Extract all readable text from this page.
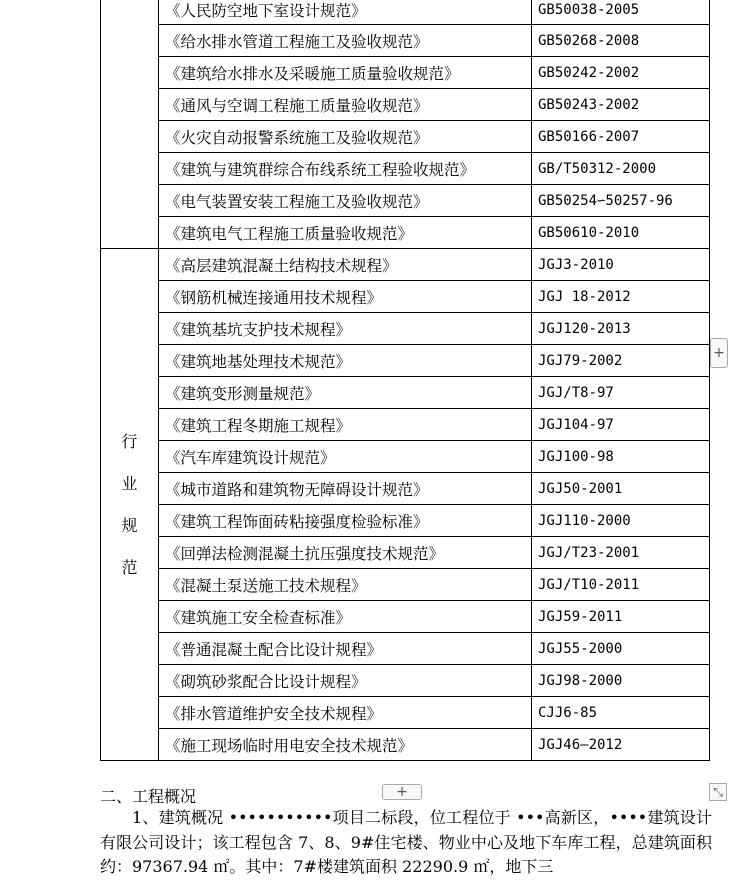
	《人民防空地下室设计规范》	GB50038-2005
	《给水排水管道工程施工及验收规范》	GB50268-2008
	《建筑给水排水及采暖施工质量验收规范》	GB50242-2002
	《通风与空调工程施工质量验收规范》	GB50243-2002
	《火灾自动报警系统施工及验收规范》	GB50166-2007
	《建筑与建筑群综合布线系统工程验收规范》	GB/T50312-2000
	《电气装置安装工程施工及验收规范》	GB50254∽50257-96
	《建筑电气工程施工质量验收规范》	GB50610-2010
行业规范	《高层建筑混凝土结构技术规程》	JGJ3-2010
	《钢筋机械连接通用技术规程》	JGJ 18-2012
	《建筑基坑支护技术规程》	JGJ120-2013
	《建筑地基处理技术规范》	JGJ79-2002
	《建筑变形测量规范》	JGJ/T8-97
	《建筑工程冬期施工规程》	JGJ104-97
	《汽车库建筑设计规范》	JGJ100-98
	《城市道路和建筑物无障碍设计规范》	JGJ50-2001
	《建筑工程饰面砖粘接强度检验标准》	JGJ110-2000
	《回弹法检测混凝土抗压强度技术规范》	JGJ/T23-2001
	《混凝土泵送施工技术规程》	JGJ/T10-2011
	《建筑施工安全检查标准》	JGJ59-2011
	《普通混凝土配合比设计规程》	JGJ55-2000
	《砌筑砂浆配合比设计规程》	JGJ98-2000
	《排水管道维护安全技术规程》	CJJ6-85
	《施工现场临时用电安全技术规范》	JGJ46—2012
+
+	⤡
二、工程概况

1、建筑概况 •••••••••••项目二标段，位工程位于 •••高新区，••••建筑设计有限公司设计；该工程包含 7、8、9#住宅楼、物业中心及地下车库工程，总建筑面积约：97367.94 ㎡。其中：7#楼建筑面积 22290.9 ㎡，地下三
